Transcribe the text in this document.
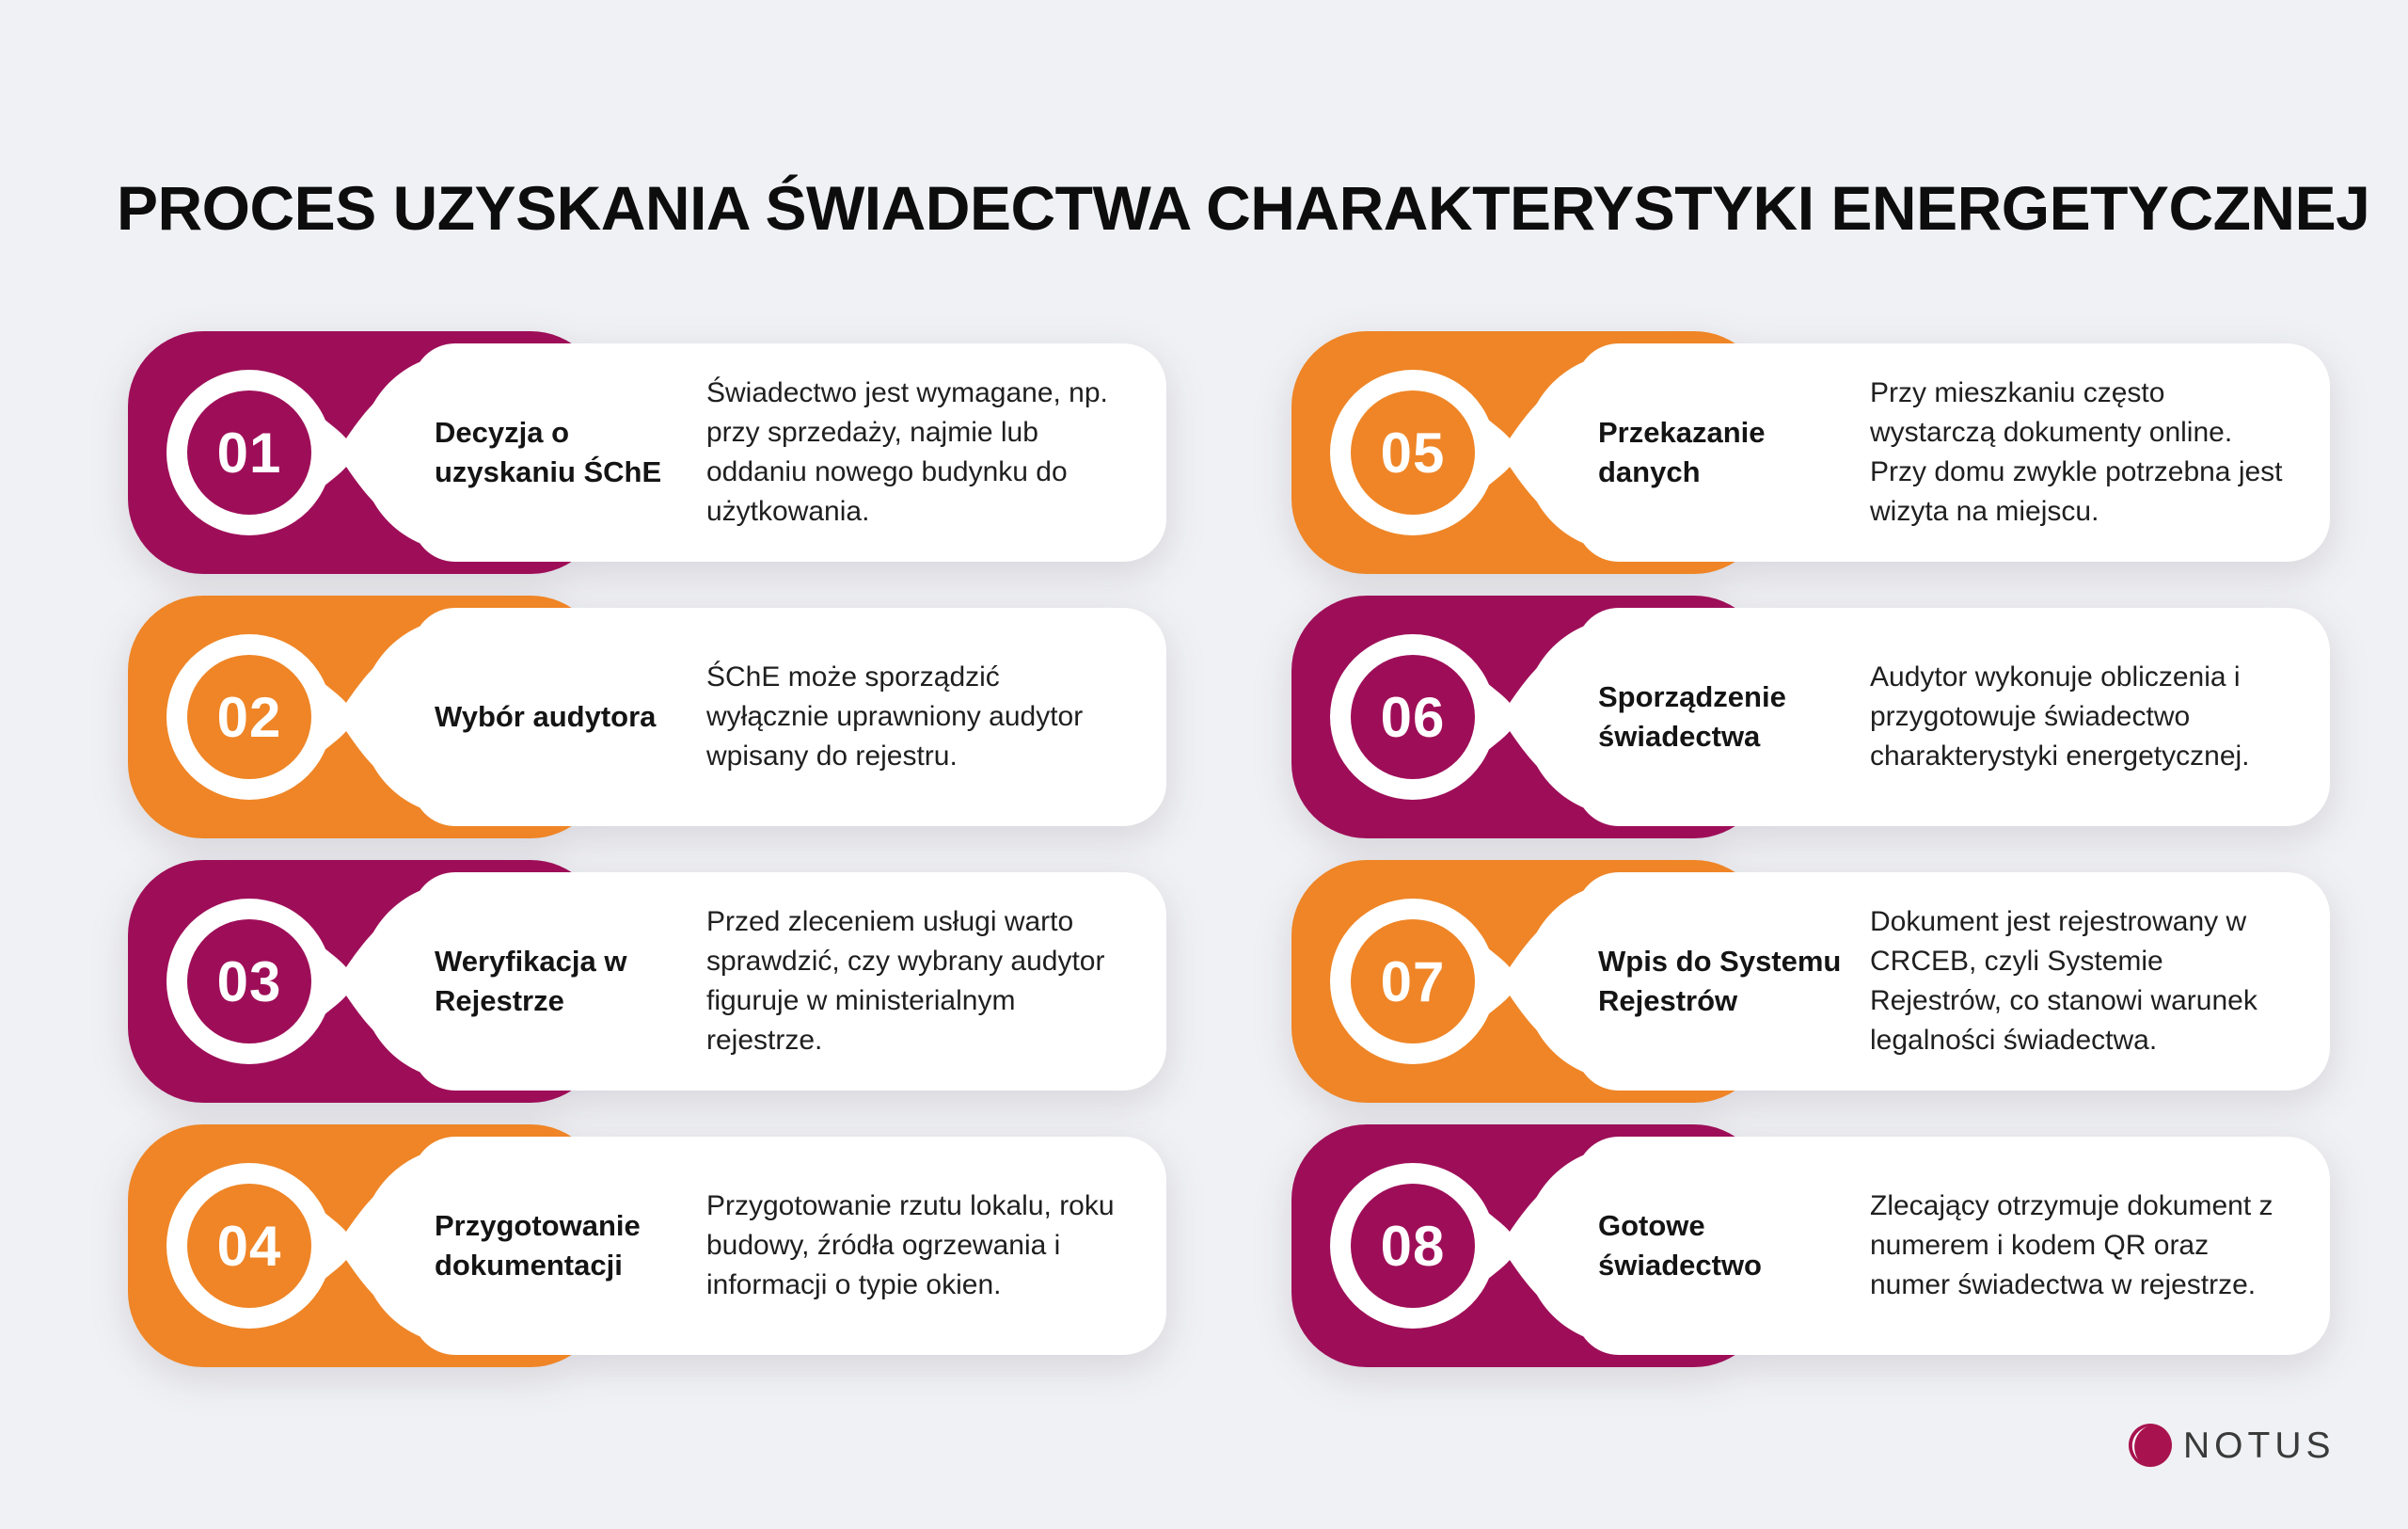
PROCES UZYSKANIA ŚWIADECTWA CHARAKTERYSTYKI ENERGETYCZNEJ
01	Decyzja o uzyskaniu ŚChE
Świadectwo jest wymagane, np. przy sprzedaży, najmie lub oddaniu nowego budynku do użytkowania.
02	Wybór audytora
ŚChE może sporządzić wyłącznie uprawniony audytor wpisany do rejestru.
03	Weryfikacja w Rejestrze
Przed zleceniem usługi warto sprawdzić, czy wybrany audytor figuruje w ministerialnym rejestrze.
04	Przygotowanie dokumentacji
Przygotowanie rzutu lokalu, roku budowy, źródła ogrzewania i informacji o typie okien.
05	Przekazanie danych
Przy mieszkaniu często wystarczą dokumenty online. Przy domu zwykle potrzebna jest wizyta na miejscu.
06	Sporządzenie świadectwa
Audytor wykonuje obliczenia i przygotowuje świadectwo charakterystyki energetycznej.
07	Wpis do Systemu Rejestrów
Dokument jest rejestrowany w CRCEB, czyli Systemie Rejestrów, co stanowi warunek legalności świadectwa.
08	Gotowe świadectwo
Zlecający otrzymuje dokument z numerem i kodem QR oraz numer świadectwa w rejestrze.
NOTUS
